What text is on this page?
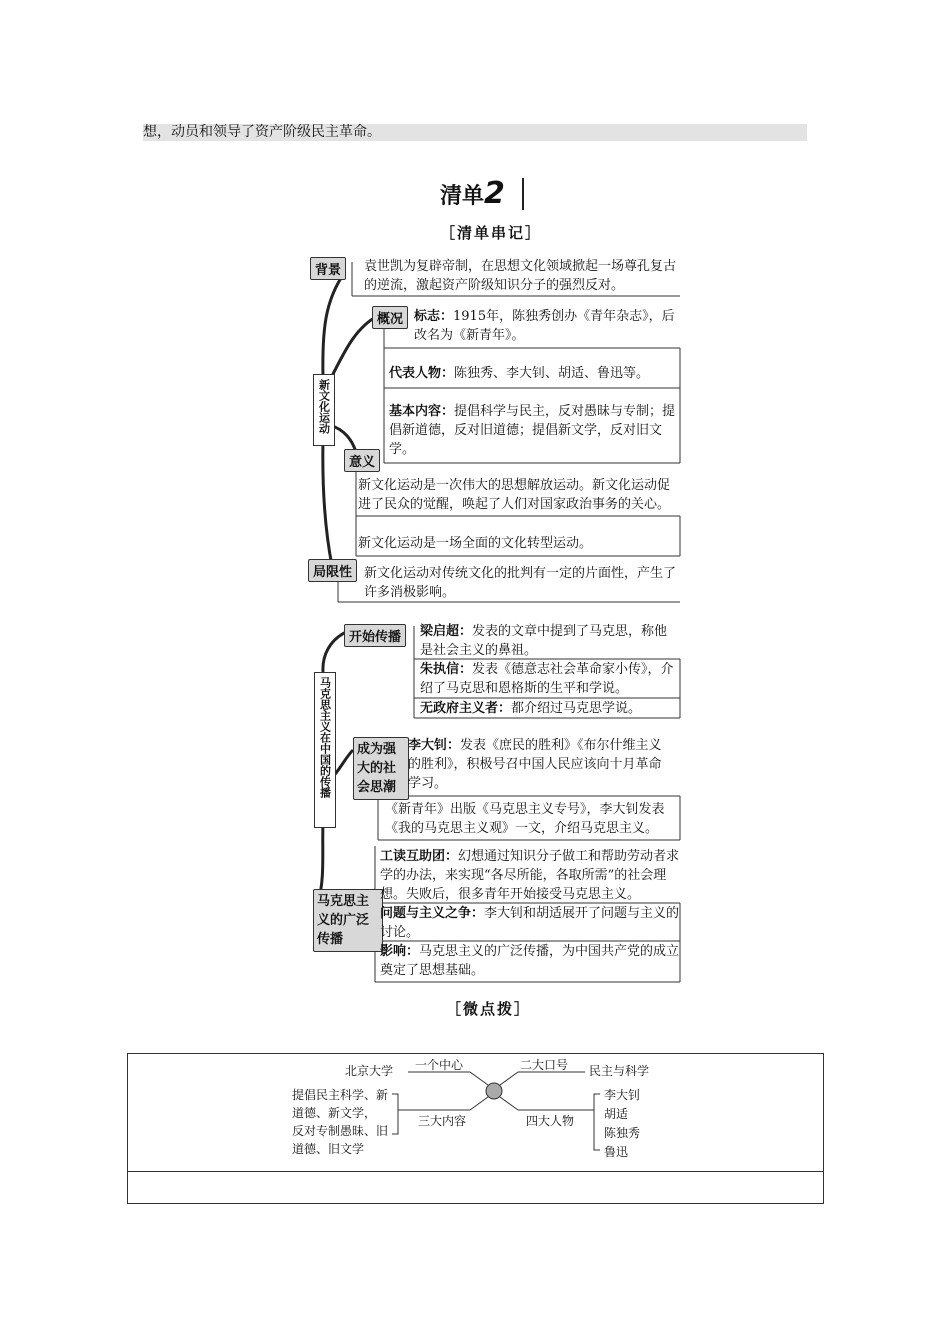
想，动员和领导了资产阶级民主革命。
清单2
［清单串记］
新文化运动
背景	袁世凯为复辟帝制，在思想文化领域掀起一场尊孔复古的逆流，激起资产阶级知识分子的强烈反对。
概况 标志：1915年，陈独秀创办《青年杂志》，后改名为《新青年》。
代表人物：陈独秀、李大钊、胡适、鲁迅等。
基本内容：提倡科学与民主，反对愚昧与专制；提倡新道德，反对旧道德；提倡新文学，反对旧文学。
意义
新文化运动是一次伟大的思想解放运动。新文化运动促进了民众的觉醒，唤起了人们对国家政治事务的关心。
新文化运动是一场全面的文化转型运动。
局限性 新文化运动对传统文化的批判有一定的片面性，产生了许多消极影响。
马克思主义在中国的传播
开始传播	梁启超：发表的文章中提到了马克思，称他是社会主义的鼻祖。
朱执信：发表《德意志社会革命家小传》，介绍了马克思和恩格斯的生平和学说。
无政府主义者：都介绍过马克思学说。
成为强大的社会思潮
李大钊：发表《庶民的胜利》《布尔什维主义的胜利》，积极号召中国人民应该向十月革命学习。
《新青年》出版《马克思主义专号》，李大钊发表《我的马克思主义观》一文，介绍马克思主义。
马克思主义的广泛传播
工读互助团：幻想通过知识分子做工和帮助劳动者求学的办法，来实现“各尽所能，各取所需”的社会理想。失败后，很多青年开始接受马克思主义。
问题与主义之争：李大钊和胡适展开了问题与主义的讨论。
影响：马克思主义的广泛传播，为中国共产党的成立奠定了思想基础。
［微点拨］
北京大学 一个中心	二大口号 民主与科学
提倡民主科学、新道德、新文学，
反对专制愚昧、旧道德、旧文学
三大内容	四大人物
李大钊
胡适
陈独秀
鲁迅
